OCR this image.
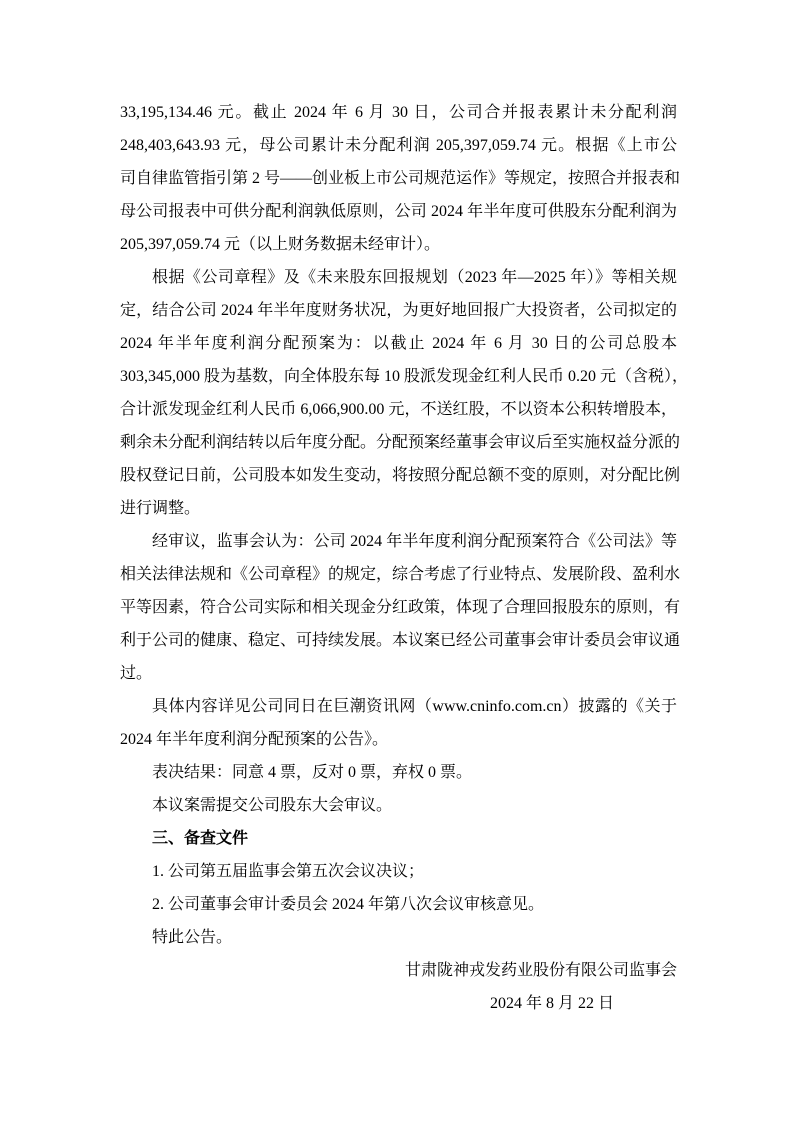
33,195,134.46 元。截止 2024 年 6 月 30 日，公司合并报表累计未分配利润
248,403,643.93 元，母公司累计未分配利润 205,397,059.74 元。根据《上市公
司自律监管指引第 2 号——创业板上市公司规范运作》等规定，按照合并报表和
母公司报表中可供分配利润孰低原则，公司 2024 年半年度可供股东分配利润为
205,397,059.74 元（以上财务数据未经审计）。
根据《公司章程》及《未来股东回报规划（2023 年—2025 年）》等相关规
定，结合公司 2024 年半年度财务状况，为更好地回报广大投资者，公司拟定的
2024 年半年度利润分配预案为：以截止 2024 年 6 月 30 日的公司总股本
303,345,000 股为基数，向全体股东每 10 股派发现金红利人民币 0.20 元（含税），
合计派发现金红利人民币 6,066,900.00 元，不送红股，不以资本公积转增股本，
剩余未分配利润结转以后年度分配。分配预案经董事会审议后至实施权益分派的
股权登记日前，公司股本如发生变动，将按照分配总额不变的原则，对分配比例
进行调整。
经审议，监事会认为：公司 2024 年半年度利润分配预案符合《公司法》等
相关法律法规和《公司章程》的规定，综合考虑了行业特点、发展阶段、盈利水
平等因素，符合公司实际和相关现金分红政策，体现了合理回报股东的原则，有
利于公司的健康、稳定、可持续发展。本议案已经公司董事会审计委员会审议通
过。
具体内容详见公司同日在巨潮资讯网（www.cninfo.com.cn）披露的《关于
2024 年半年度利润分配预案的公告》。
表决结果：同意 4 票，反对 0 票，弃权 0 票。
本议案需提交公司股东大会审议。
三、备查文件
1. 公司第五届监事会第五次会议决议；
2. 公司董事会审计委员会 2024 年第八次会议审核意见。
特此公告。
甘肃陇神戎发药业股份有限公司监事会
2024 年 8 月 22 日
